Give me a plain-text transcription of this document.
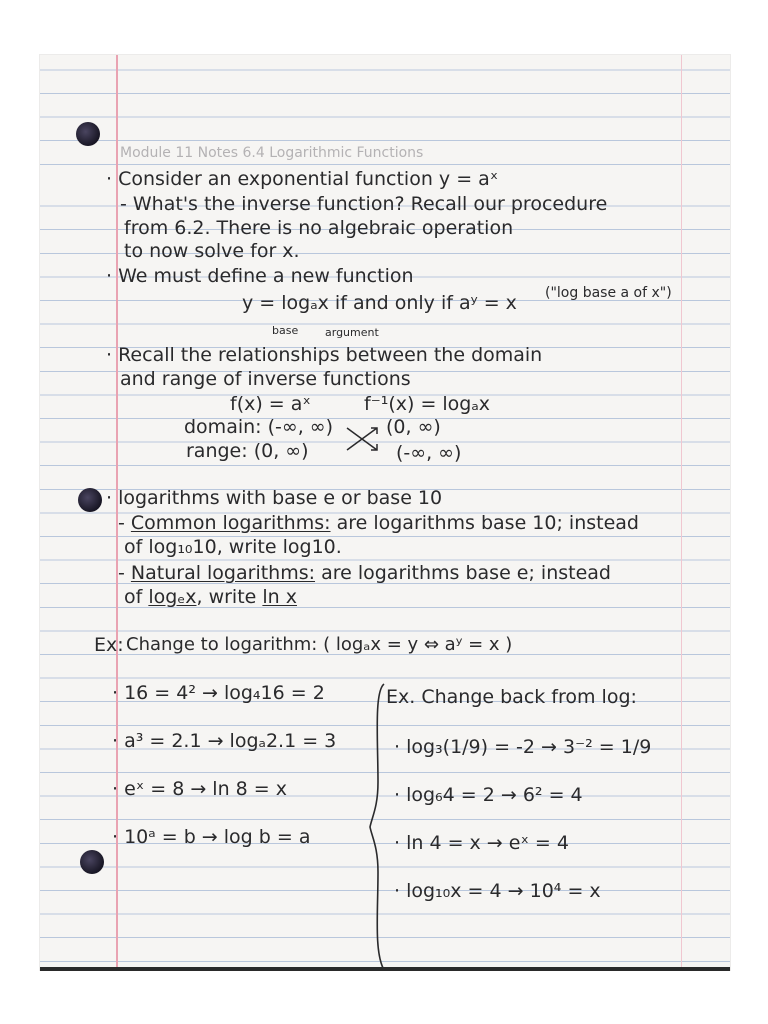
Module 11 Notes 6.4 Logarithmic Functions
· Consider an exponential function y = aˣ
- What's the inverse function? Recall our procedure
from 6.2. There is no algebraic operation
to now solve for x.
· We must define a new function
y = logₐx if and only if aʸ = x ("log base a of x")
base argument
· Recall the relationships between the domain
and range of inverse functions
f(x) = aˣ	f⁻¹(x) = logₐx
domain: (-∞, ∞)	(0, ∞)
range: (0, ∞)	(-∞, ∞)
· logarithms with base e or base 10
- Common logarithms: are logarithms base 10; instead
of log₁₀10, write log10.
- Natural logarithms: are logarithms base e; instead
of logₑx, write ln x
Ex: Change to logarithm: ( logₐx = y ⇔ aʸ = x )
· 16 = 4² → log₄16 = 2
· a³ = 2.1 → logₐ2.1 = 3
· eˣ = 8 → ln 8 = x
· 10ᵃ = b → log b = a
Ex. Change back from log:
· log₃(1/9) = -2 → 3⁻² = 1/9
· log₆4 = 2 → 6² = 4
· ln 4 = x → eˣ = 4
· log₁₀x = 4 → 10⁴ = x
